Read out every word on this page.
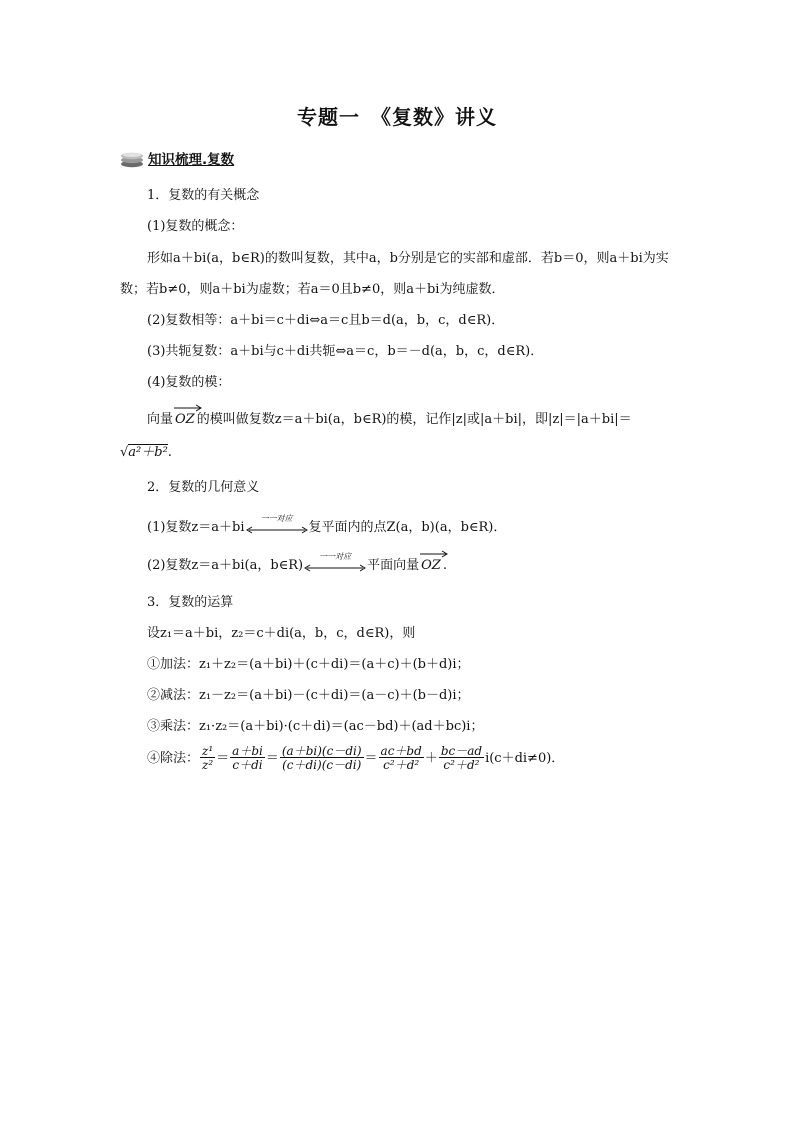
专题一　《复数》讲义
知识梳理.复数
1．复数的有关概念
(1)复数的概念：
形如a＋bi(a，b∈R)的数叫复数，其中a，b分别是它的实部和虚部．若b＝0，则a＋bi为实数；若b≠0，则a＋bi为虚数；若a＝0且b≠0，则a＋bi为纯虚数．
(2)复数相等：a＋bi＝c＋di⇔a＝c且b＝d(a，b，c，d∈R)．
(3)共轭复数：a＋bi与c＋di共轭⇔a＝c，b＝－d(a，b，c，d∈R)．
(4)复数的模：
向量 OZ 的模叫做复数z＝a＋bi(a，b∈R)的模，记作|z|或|a＋bi|，即|z|＝|a＋bi|＝
√a²＋b².
2．复数的几何意义
(1)复数z＝a＋bi
一一对应
复平面内的点Z(a，b)(a，b∈R)．
(2)复数z＝a＋bi(a，b∈R)
一一对应
平面向量 OZ .
3．复数的运算
设z₁＝a＋bi，z₂＝c＋di(a，b，c，d∈R)，则
①加法：z₁＋z₂＝(a＋bi)＋(c＋di)＝(a＋c)＋(b＋d)i；
②减法：z₁－z₂＝(a＋bi)－(c＋di)＝(a－c)＋(b－d)i；
③乘法：z₁·z₂＝(a＋bi)·(c＋di)＝(ac－bd)＋(ad＋bc)i；
④除法： $\frac{\text{z¹}}{\text{z²}} = \frac{a+bi}{c+di} = \frac{(a+bi)(c-di)}{(c+di)(c-di)} = \frac{ac+bd}{\text{c²＋d²}} + \frac{bc-ad}{\text{c²＋d²}} i(c+di\ne 0)$．
